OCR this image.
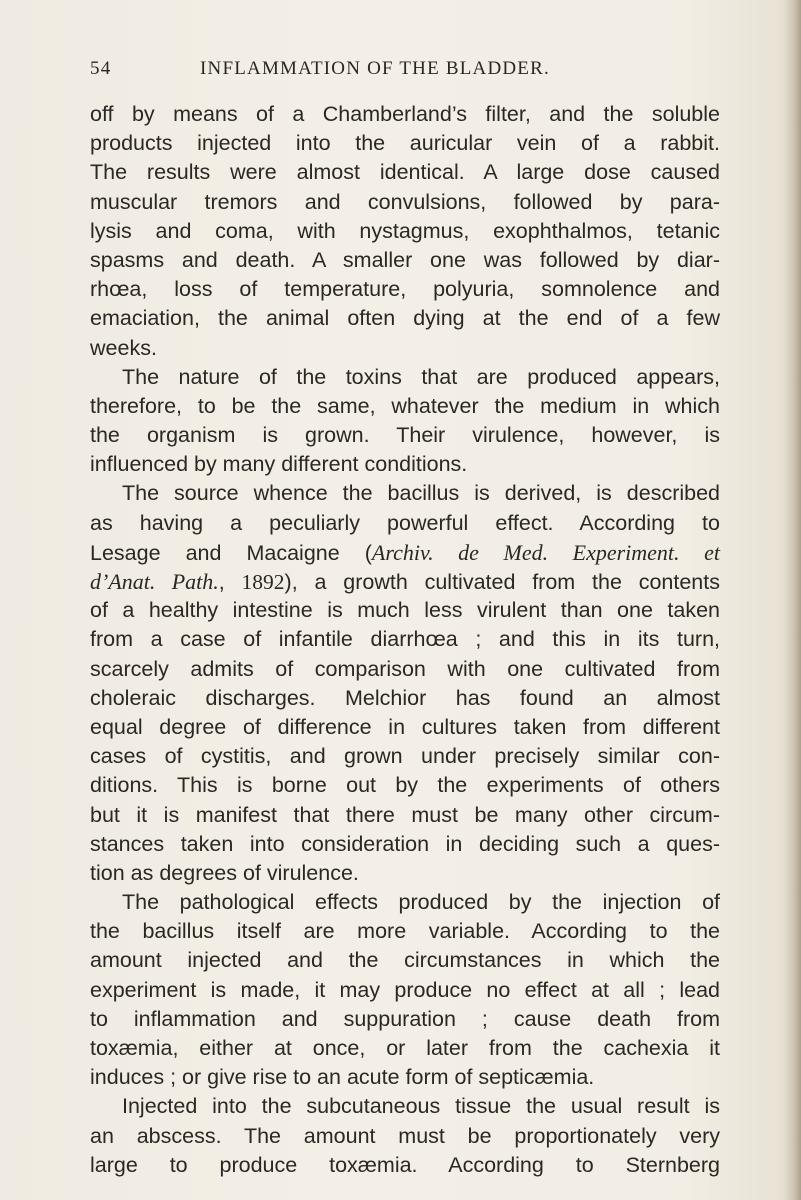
54	INFLAMMATION OF THE BLADDER.
off by means of a Chamberland’s filter, and the soluble
products injected into the auricular vein of a rabbit.
The results were almost identical. A large dose caused
muscular tremors and convulsions, followed by para-
lysis and coma, with nystagmus, exophthalmos, tetanic
spasms and death. A smaller one was followed by diar-
rhœa, loss of temperature, polyuria, somnolence and
emaciation, the animal often dying at the end of a few
weeks.
The nature of the toxins that are produced appears,
therefore, to be the same, whatever the medium in which
the organism is grown. Their virulence, however, is
influenced by many different conditions.
The source whence the bacillus is derived, is described
as having a peculiarly powerful effect. According to
Lesage and Macaigne (Archiv. de Med. Experiment. et
d’Anat. Path., 1892), a growth cultivated from the contents
of a healthy intestine is much less virulent than one taken
from a case of infantile diarrhœa ; and this in its turn,
scarcely admits of comparison with one cultivated from
choleraic discharges. Melchior has found an almost
equal degree of difference in cultures taken from different
cases of cystitis, and grown under precisely similar con-
ditions. This is borne out by the experiments of others
but it is manifest that there must be many other circum-
stances taken into consideration in deciding such a ques-
tion as degrees of virulence.
The pathological effects produced by the injection of
the bacillus itself are more variable. According to the
amount injected and the circumstances in which the
experiment is made, it may produce no effect at all ; lead
to inflammation and suppuration ; cause death from
toxæmia, either at once, or later from the cachexia it
induces ; or give rise to an acute form of septicæmia.
Injected into the subcutaneous tissue the usual result is
an abscess. The amount must be proportionately very
large to produce toxæmia. According to Sternberg
